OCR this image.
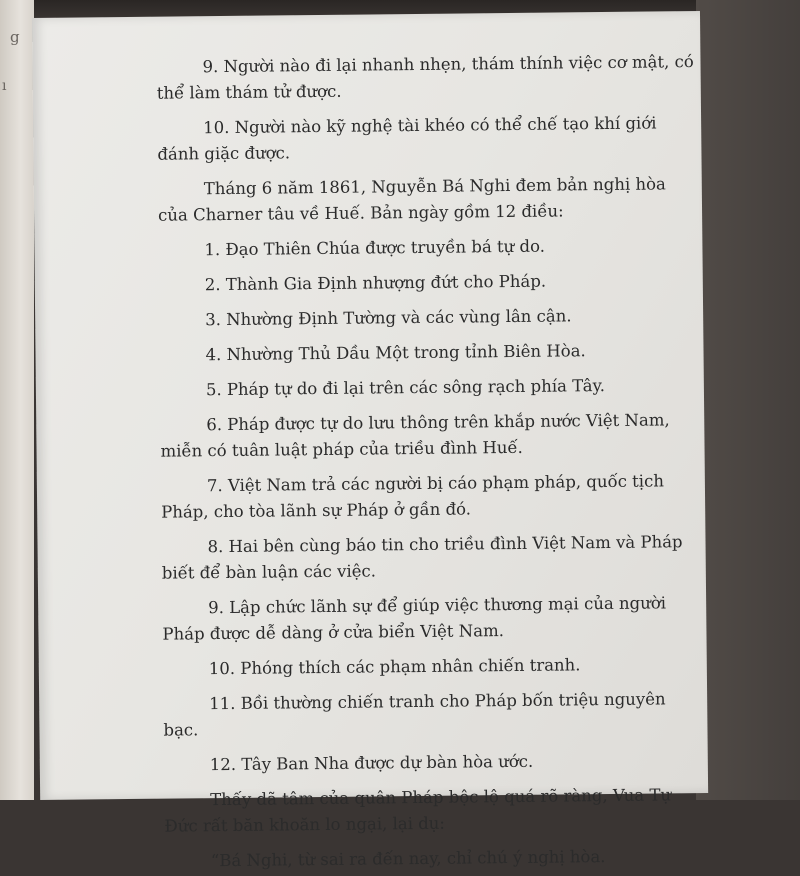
g
ı

9. Người nào đi lại nhanh nhẹn, thám thính việc cơ mật, có thể làm thám tử được.

10. Người nào kỹ nghệ tài khéo có thể chế tạo khí giới đánh giặc được.

Tháng 6 năm 1861, Nguyễn Bá Nghi đem bản nghị hòa của Charner tâu về Huế. Bản ngày gồm 12 điều:

1. Đạo Thiên Chúa được truyền bá tự do.

2. Thành Gia Định nhượng đứt cho Pháp.

3. Nhường Định Tường và các vùng lân cận.

4. Nhường Thủ Dầu Một trong tỉnh Biên Hòa.

5. Pháp tự do đi lại trên các sông rạch phía Tây.

6. Pháp được tự do lưu thông trên khắp nước Việt Nam, miễn có tuân luật pháp của triều đình Huế.

7. Việt Nam trả các người bị cáo phạm pháp, quốc tịch Pháp, cho tòa lãnh sự Pháp ở gần đó.

8. Hai bên cùng báo tin cho triều đình Việt Nam và Pháp biết để bàn luận các việc.

9. Lập chức lãnh sự để giúp việc thương mại của người Pháp được dễ dàng ở cửa biển Việt Nam.

10. Phóng thích các phạm nhân chiến tranh.

11. Bồi thường chiến tranh cho Pháp bốn triệu nguyên bạc.

12. Tây Ban Nha được dự bàn hòa ước.

Thấy dã tâm của quân Pháp bộc lộ quá rõ ràng, Vua Tự Đức rất băn khoăn lo ngại, lại dụ:

“Bá Nghi, từ sai ra đến nay, chỉ chú ý nghị hòa.
